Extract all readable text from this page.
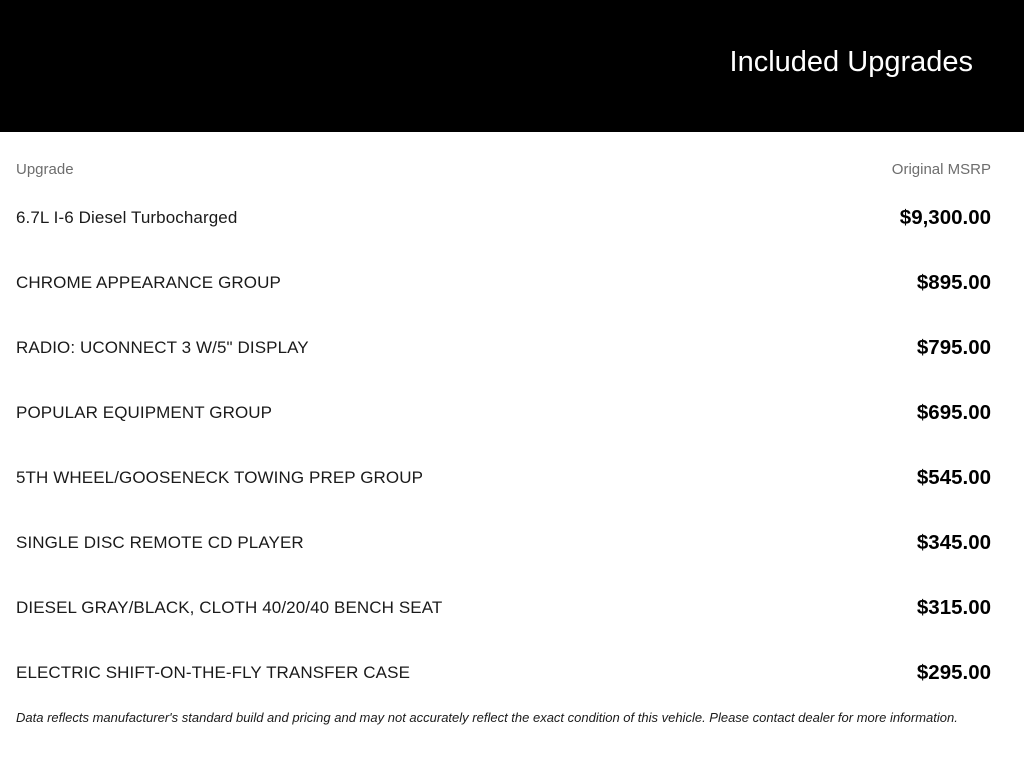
Included Upgrades
Upgrade	Original MSRP
6.7L I-6 Diesel Turbocharged	$9,300.00
CHROME APPEARANCE GROUP	$895.00
RADIO: UCONNECT 3 W/5" DISPLAY	$795.00
POPULAR EQUIPMENT GROUP	$695.00
5TH WHEEL/GOOSENECK TOWING PREP GROUP	$545.00
SINGLE DISC REMOTE CD PLAYER	$345.00
DIESEL GRAY/BLACK, CLOTH 40/20/40 BENCH SEAT	$315.00
ELECTRIC SHIFT-ON-THE-FLY TRANSFER CASE	$295.00
Data reflects manufacturer's standard build and pricing and may not accurately reflect the exact condition of this vehicle. Please contact dealer for more information.
